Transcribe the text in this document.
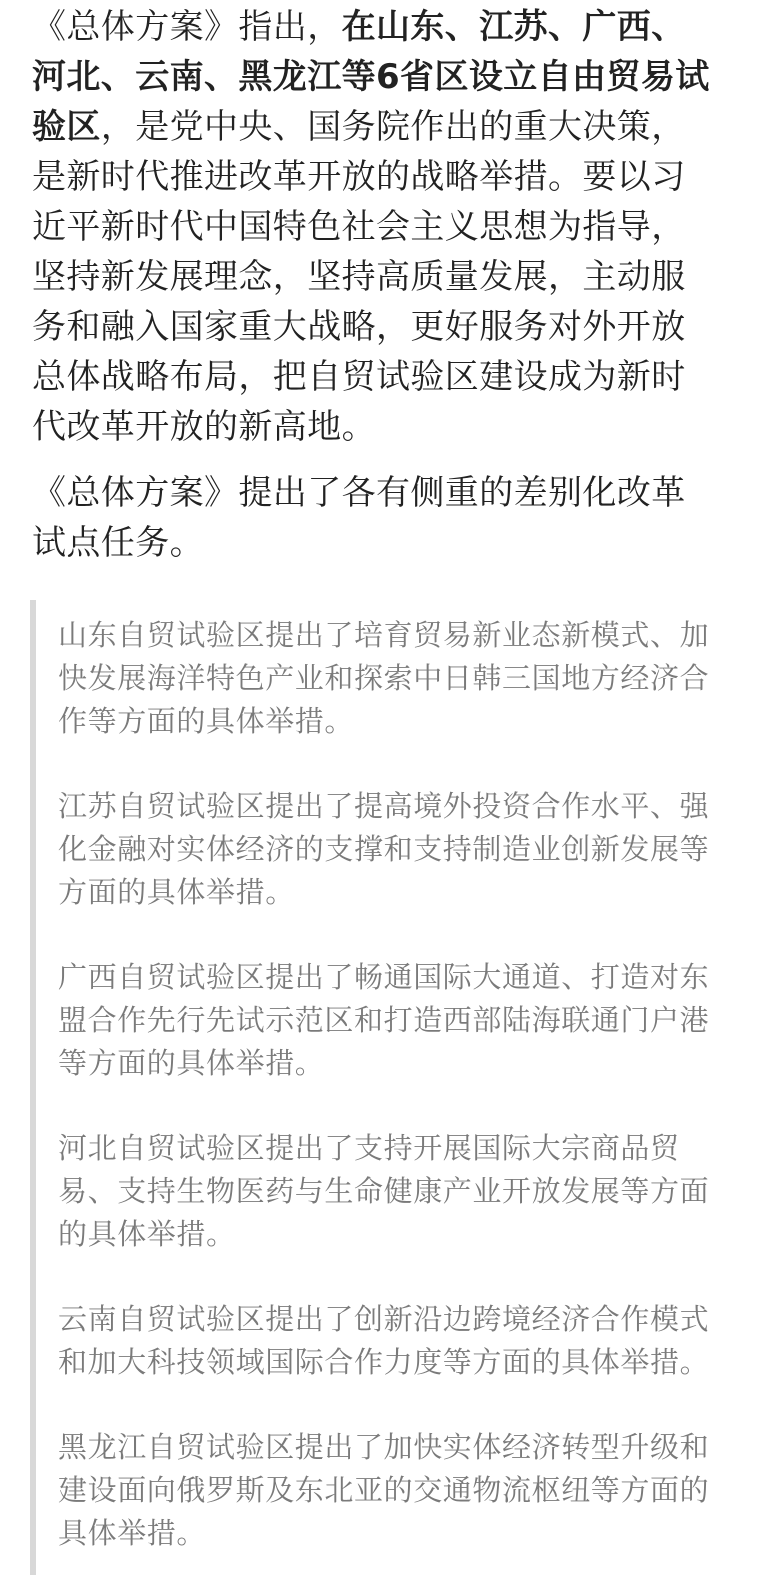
《总体方案》指出，在山东、江苏、广西、河北、云南、黑龙江等6省区设立自由贸易试验区，是党中央、国务院作出的重大决策，是新时代推进改革开放的战略举措。要以习近平新时代中国特色社会主义思想为指导，坚持新发展理念，坚持高质量发展，主动服务和融入国家重大战略，更好服务对外开放总体战略布局，把自贸试验区建设成为新时代改革开放的新高地。

《总体方案》提出了各有侧重的差别化改革试点任务。

山东自贸试验区提出了培育贸易新业态新模式、加快发展海洋特色产业和探索中日韩三国地方经济合作等方面的具体举措。

江苏自贸试验区提出了提高境外投资合作水平、强化金融对实体经济的支撑和支持制造业创新发展等方面的具体举措。

广西自贸试验区提出了畅通国际大通道、打造对东盟合作先行先试示范区和打造西部陆海联通门户港等方面的具体举措。

河北自贸试验区提出了支持开展国际大宗商品贸易、支持生物医药与生命健康产业开放发展等方面的具体举措。

云南自贸试验区提出了创新沿边跨境经济合作模式和加大科技领域国际合作力度等方面的具体举措。

黑龙江自贸试验区提出了加快实体经济转型升级和建设面向俄罗斯及东北亚的交通物流枢纽等方面的具体举措。
